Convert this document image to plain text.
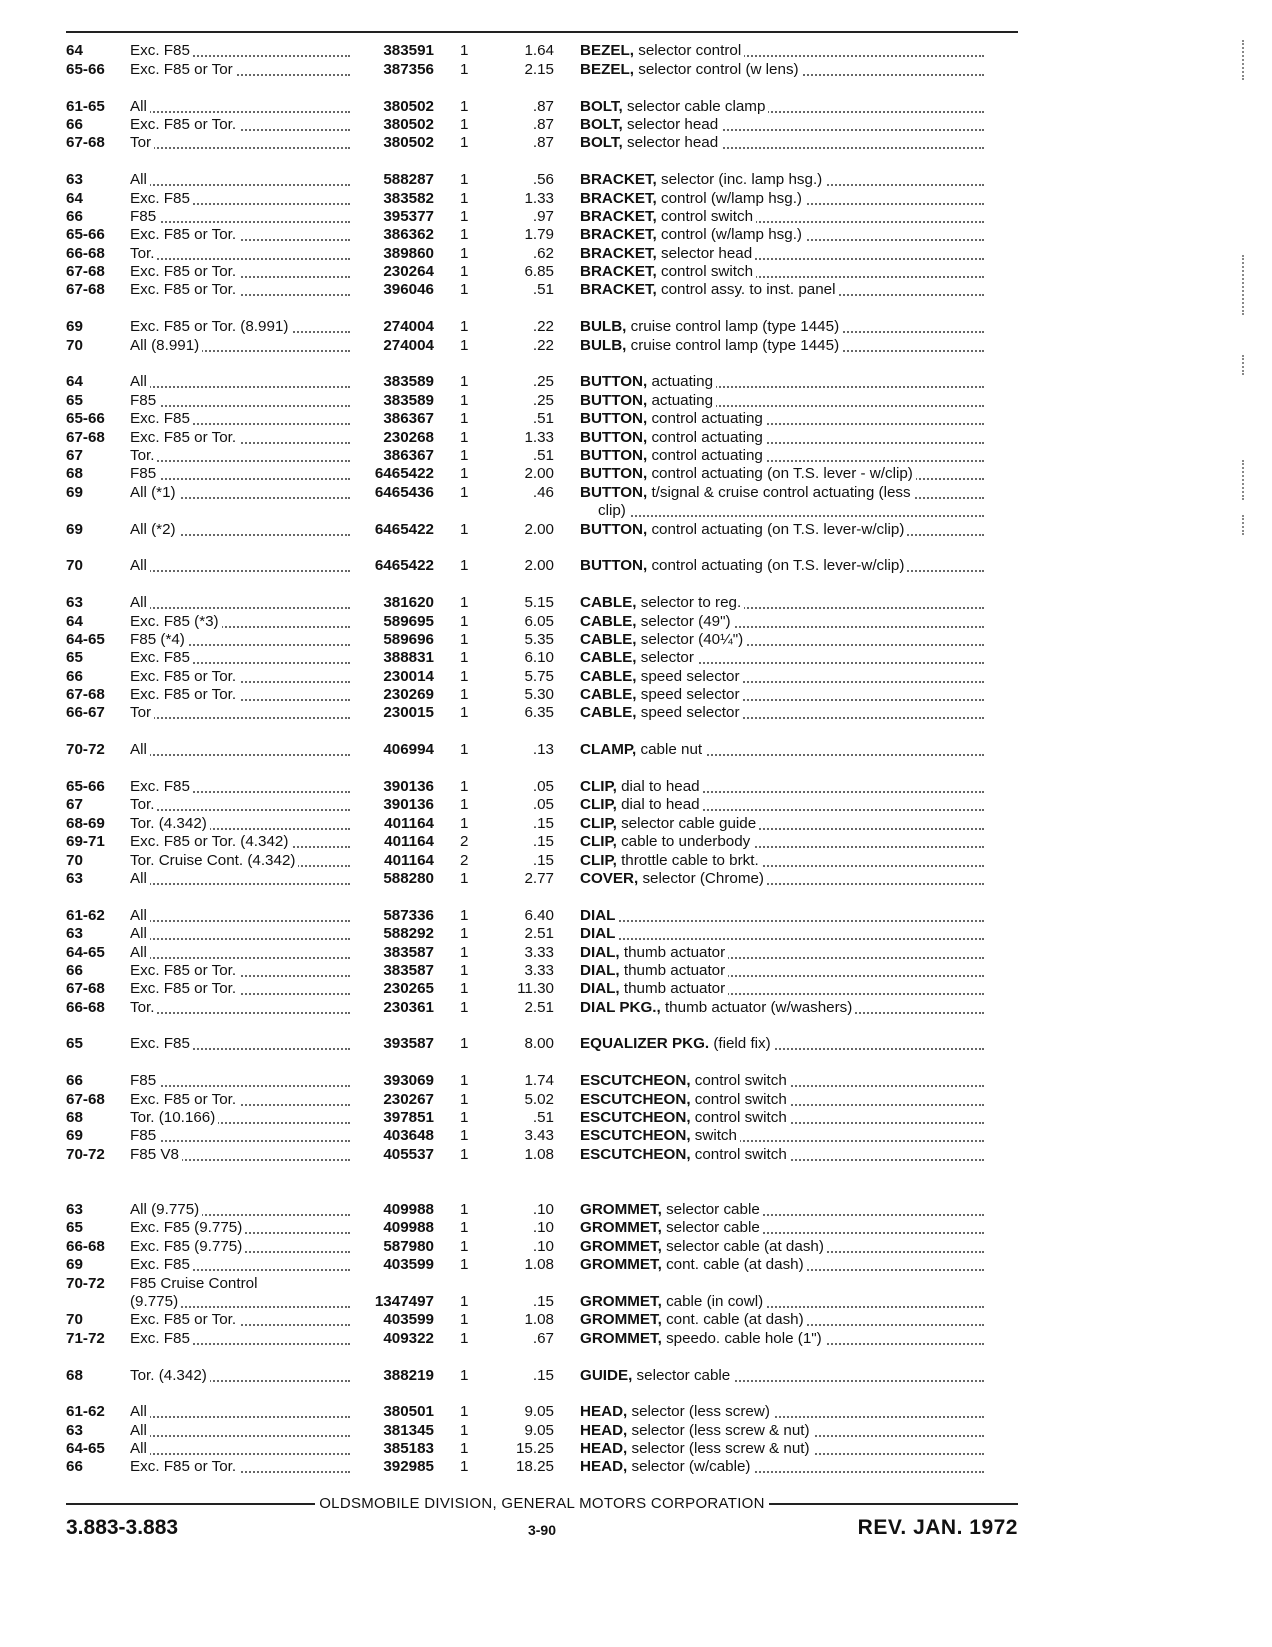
64	Exc. F85	383591	1	1.64	BEZEL, selector control
65-66	Exc. F85 or Tor	387356	1	2.15	BEZEL, selector control (w lens)
61-65	All	380502	1	.87	BOLT, selector cable clamp
66	Exc. F85 or Tor.	380502	1	.87	BOLT, selector head
67-68	Tor	380502	1	.87	BOLT, selector head
63	All	588287	1	.56	BRACKET, selector (inc. lamp hsg.)
64	Exc. F85	383582	1	1.33	BRACKET, control (w/lamp hsg.)
66	F85	395377	1	.97	BRACKET, control switch
65-66	Exc. F85 or Tor.	386362	1	1.79	BRACKET, control (w/lamp hsg.)
66-68	Tor.	389860	1	.62	BRACKET, selector head
67-68	Exc. F85 or Tor.	230264	1	6.85	BRACKET, control switch
67-68	Exc. F85 or Tor.	396046	1	.51	BRACKET, control assy. to inst. panel
69	Exc. F85 or Tor. (8.991)	274004	1	.22	BULB, cruise control lamp (type 1445)
70	All (8.991)	274004	1	.22	BULB, cruise control lamp (type 1445)
64	All	383589	1	.25	BUTTON, actuating
65	F85	383589	1	.25	BUTTON, actuating
65-66	Exc. F85	386367	1	.51	BUTTON, control actuating
67-68	Exc. F85 or Tor.	230268	1	1.33	BUTTON, control actuating
67	Tor.	386367	1	.51	BUTTON, control actuating
68	F85	6465422	1	2.00	BUTTON, control actuating (on T.S. lever - w/clip)
69	All (*1)	6465436	1	.46	BUTTON, t/signal & cruise control actuating (less
clip)
69	All (*2)	6465422	1	2.00	BUTTON, control actuating (on T.S. lever-w/clip)
70	All	6465422	1	2.00	BUTTON, control actuating (on T.S. lever-w/clip)
63	All	381620	1	5.15	CABLE, selector to reg.
64	Exc. F85 (*3)	589695	1	6.05	CABLE, selector (49")
64-65	F85 (*4)	589696	1	5.35	CABLE, selector (40¼")
65	Exc. F85	388831	1	6.10	CABLE, selector
66	Exc. F85 or Tor.	230014	1	5.75	CABLE, speed selector
67-68	Exc. F85 or Tor.	230269	1	5.30	CABLE, speed selector
66-67	Tor	230015	1	6.35	CABLE, speed selector
70-72	All	406994	1	.13	CLAMP, cable nut
65-66	Exc. F85	390136	1	.05	CLIP, dial to head
67	Tor.	390136	1	.05	CLIP, dial to head
68-69	Tor. (4.342)	401164	1	.15	CLIP, selector cable guide
69-71	Exc. F85 or Tor. (4.342)	401164	2	.15	CLIP, cable to underbody
70	Tor. Cruise Cont. (4.342)	401164	2	.15	CLIP, throttle cable to brkt.
63	All	588280	1	2.77	COVER, selector (Chrome)
61-62	All	587336	1	6.40	DIAL
63	All	588292	1	2.51	DIAL
64-65	All	383587	1	3.33	DIAL, thumb actuator
66	Exc. F85 or Tor.	383587	1	3.33	DIAL, thumb actuator
67-68	Exc. F85 or Tor.	230265	1	11.30	DIAL, thumb actuator
66-68	Tor.	230361	1	2.51	DIAL PKG., thumb actuator (w/washers)
65	Exc. F85	393587	1	8.00	EQUALIZER PKG. (field fix)
66	F85	393069	1	1.74	ESCUTCHEON, control switch
67-68	Exc. F85 or Tor.	230267	1	5.02	ESCUTCHEON, control switch
68	Tor. (10.166)	397851	1	.51	ESCUTCHEON, control switch
69	F85	403648	1	3.43	ESCUTCHEON, switch
70-72	F85 V8	405537	1	1.08	ESCUTCHEON, control switch
63	All (9.775)	409988	1	.10	GROMMET, selector cable
65	Exc. F85 (9.775)	409988	1	.10	GROMMET, selector cable
66-68	Exc. F85 (9.775)	587980	1	.10	GROMMET, selector cable (at dash)
69	Exc. F85	403599	1	1.08	GROMMET, cont. cable (at dash)
70-72	F85 Cruise Control
(9.775)	1347497	1	.15	GROMMET, cable (in cowl)
70	Exc. F85 or Tor.	403599	1	1.08	GROMMET, cont. cable (at dash)
71-72	Exc. F85	409322	1	.67	GROMMET, speedo. cable hole (1")
68	Tor. (4.342)	388219	1	.15	GUIDE, selector cable
61-62	All	380501	1	9.05	HEAD, selector (less screw)
63	All	381345	1	9.05	HEAD, selector (less screw & nut)
64-65	All	385183	1	15.25	HEAD, selector (less screw & nut)
66	Exc. F85 or Tor.	392985	1	18.25	HEAD, selector (w/cable)
OLDSMOBILE DIVISION, GENERAL MOTORS CORPORATION
3.883-3.883	3-90	REV. JAN. 1972
